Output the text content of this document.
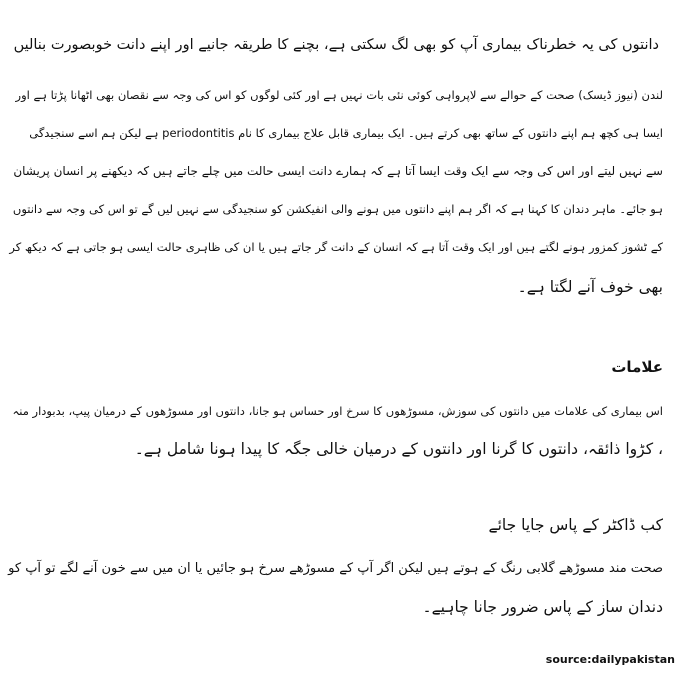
دانتوں کی یہ خطرناک بیماری آپ کو بھی لگ سکتی ہے، بچنے کا طریقہ جانیے اور اپنے دانت خوبصورت بنالیں
لندن (نیوز ڈیسک) صحت کے حوالے سے لاپرواہی کوئی نئی بات نہیں ہے اور کئی لوگوں کو اس کی وجہ سے نقصان بھی اٹھانا پڑتا ہے اور
ایسا ہی کچھ ہم اپنے دانتوں کے ساتھ بھی کرتے ہیں۔ ایک بیماری قابل علاج بیماری کا نام periodontitis ہے لیکن ہم اسے سنجیدگی
سے نہیں لیتے اور اس کی وجہ سے ایک وقت ایسا آتا ہے کہ ہمارے دانت ایسی حالت میں چلے جاتے ہیں کہ دیکھنے پر انسان پریشان
ہو جائے۔ ماہر دندان کا کہنا ہے کہ اگر ہم اپنے دانتوں میں ہونے والی انفیکشن کو سنجیدگی سے نہیں لیں گے تو اس کی وجہ سے دانتوں
کے ٹشوز کمزور ہونے لگتے ہیں اور ایک وقت آتا ہے کہ انسان کے دانت گر جاتے ہیں یا ان کی ظاہری حالت ایسی ہو جاتی ہے کہ دیکھ کر
بھی خوف آنے لگتا ہے۔
علامات
اس بیماری کی علامات میں دانتوں کی سوزش، مسوڑھوں کا سرخ اور حساس ہو جانا، دانتوں اور مسوڑھوں کے درمیان پیپ، بدبودار منہ
، کڑوا ذائقہ، دانتوں کا گرنا اور دانتوں کے درمیان خالی جگہ کا پیدا ہونا شامل ہے۔
کب ڈاکٹر کے پاس جایا جائے
صحت مند مسوڑھے گلابی رنگ کے ہوتے ہیں لیکن اگر آپ کے مسوڑھے سرخ ہو جائیں یا ان میں سے خون آنے لگے تو آپ کو
دندان ساز کے پاس ضرور جانا چاہیے۔
source:dailypakistan
